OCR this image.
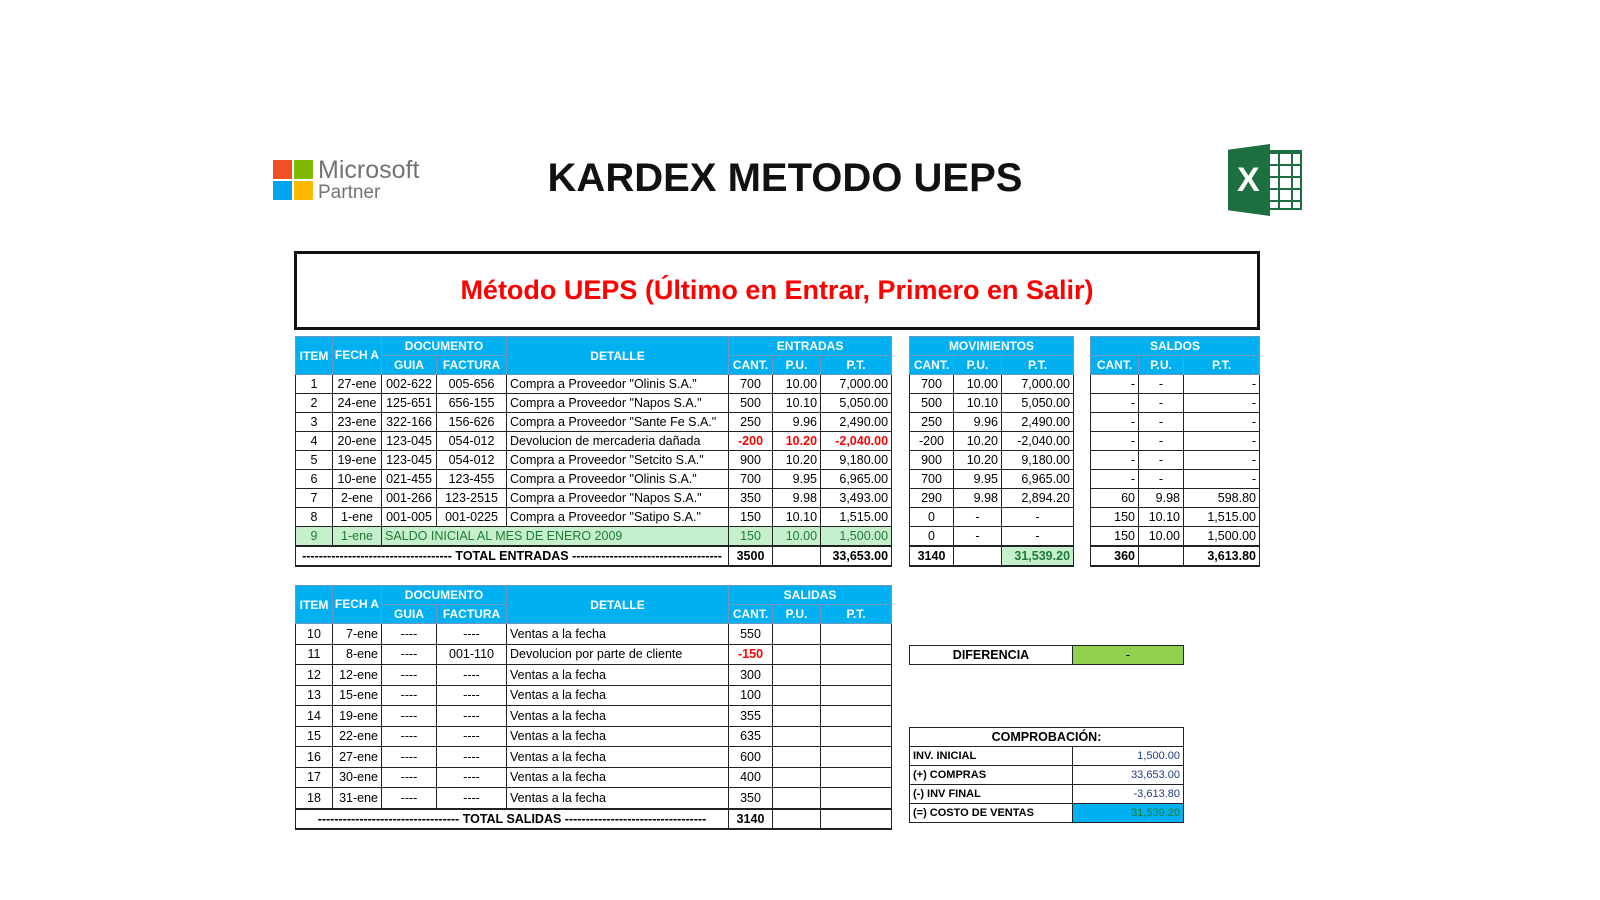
Microsoft
Partner	KARDEX METODO UEPS	X
Método UEPS (Último en Entrar, Primero en Salir)
ITEM	FECH A	DOCUMENTO		DETALLE	ENTRADAS		
		GUIA	FACTURA		CANT.	P.U.	P.T.
1	27-ene	002-622	005-656	Compra a Proveedor "Olinis S.A."	700	10.00	7,000.00
2	24-ene	125-651	656-155	Compra a Proveedor "Napos S.A."	500	10.10	5,050.00
3	23-ene	322-166	156-626	Compra a Proveedor "Sante Fe S.A."	250	9.96	2,490.00
4	20-ene	123-045	054-012	Devolucion de mercaderia dañada	-200	10.20	-2,040.00
5	19-ene	123-045	054-012	Compra a Proveedor "Setcito S.A."	900	10.20	9,180.00
6	10-ene	021-455	123-455	Compra a Proveedor "Olinis S.A."	700	9.95	6,965.00
7	2-ene	001-266	123-2515	Compra a Proveedor "Napos S.A."	350	9.98	3,493.00
8	1-ene	001-005	001-0225	Compra a Proveedor "Satipo S.A."	150	10.10	1,515.00
9	1-ene	SALDO INICIAL AL MES DE ENERO 2009			150	10.00	1,500.00
------------------------------------ TOTAL ENTRADAS ------------------------------------					3500		33,653.00
MOVIMIENTOS		
CANT.	P.U.	P.T.
700	10.00	7,000.00
500	10.10	5,050.00
250	9.96	2,490.00
-200	10.20	-2,040.00
900	10.20	9,180.00
700	9.95	6,965.00
290	9.98	2,894.20
0	-	-
0	-	-
3140		31,539.20
SALDOS		
CANT.	P.U.	P.T.
-	-	-
-	-	-
-	-	-
-	-	-
-	-	-
-	-	-
60	9.98	598.80
150	10.10	1,515.00
150	10.00	1,500.00
360		3,613.80
ITEM	FECH A	DOCUMENTO		DETALLE	SALIDAS		
		GUIA	FACTURA		CANT.	P.U.	P.T.
10	7-ene	----	----	Ventas a la fecha	550		
11	8-ene	----	001-110	Devolucion por parte de cliente	-150		
12	12-ene	----	----	Ventas a la fecha	300		
13	15-ene	----	----	Ventas a la fecha	100		
14	19-ene	----	----	Ventas a la fecha	355		
15	22-ene	----	----	Ventas a la fecha	635		
16	27-ene	----	----	Ventas a la fecha	600		
17	30-ene	----	----	Ventas a la fecha	400		
18	31-ene	----	----	Ventas a la fecha	350		
---------------------------------- TOTAL SALIDAS ----------------------------------					3140		
DIFERENCIA	-
COMPROBACIÓN:	
INV. INICIAL	1,500.00
(+) COMPRAS	33,653.00
(-) INV FINAL	-3,613.80
(=) COSTO DE VENTAS	31,539.20
